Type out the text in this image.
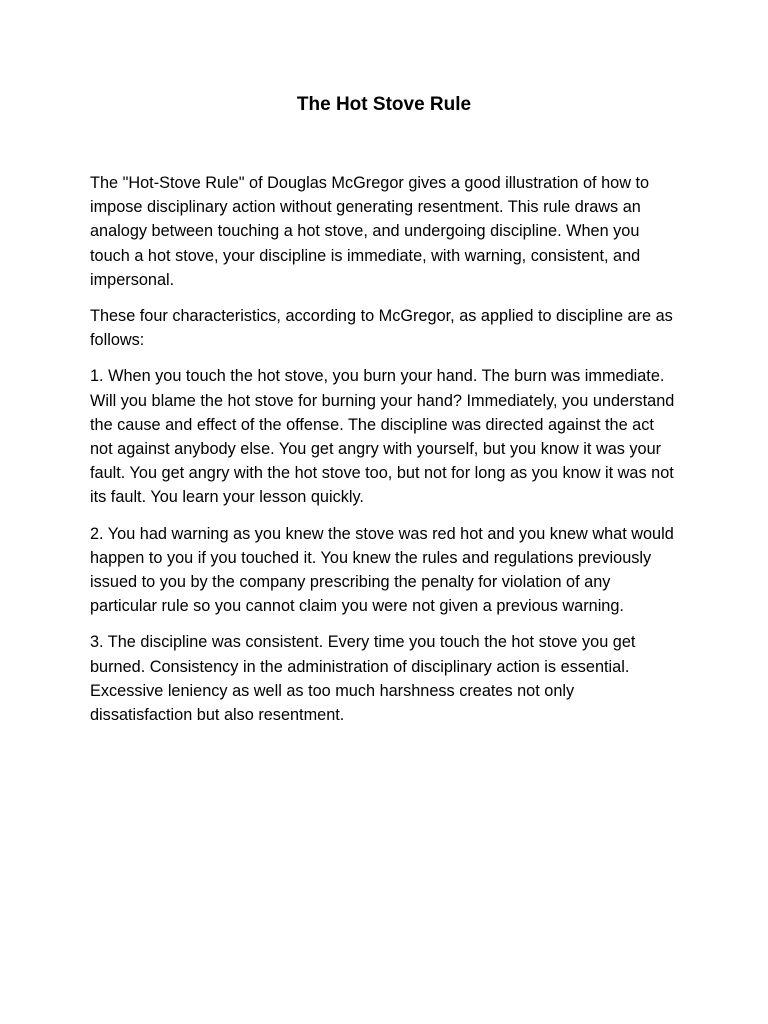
The Hot Stove Rule

The "Hot-Stove Rule" of Douglas McGregor gives a good illustration of how to impose disciplinary action without generating resentment. This rule draws an analogy between touching a hot stove, and undergoing discipline. When you touch a hot stove, your discipline is immediate, with warning, consistent, and impersonal.

These four characteristics, according to McGregor, as applied to discipline are as follows:

1. When you touch the hot stove, you burn your hand. The burn was immediate. Will you blame the hot stove for burning your hand? Immediately, you understand the cause and effect of the offense. The discipline was directed against the act not against anybody else. You get angry with yourself, but you know it was your fault. You get angry with the hot stove too, but not for long as you know it was not its fault. You learn your lesson quickly.

2. You had warning as you knew the stove was red hot and you knew what would happen to you if you touched it. You knew the rules and regulations previously issued to you by the company prescribing the penalty for violation of any particular rule so you cannot claim you were not given a previous warning.

3. The discipline was consistent. Every time you touch the hot stove you get burned. Consistency in the administration of disciplinary action is essential. Excessive leniency as well as too much harshness creates not only dissatisfaction but also resentment.
